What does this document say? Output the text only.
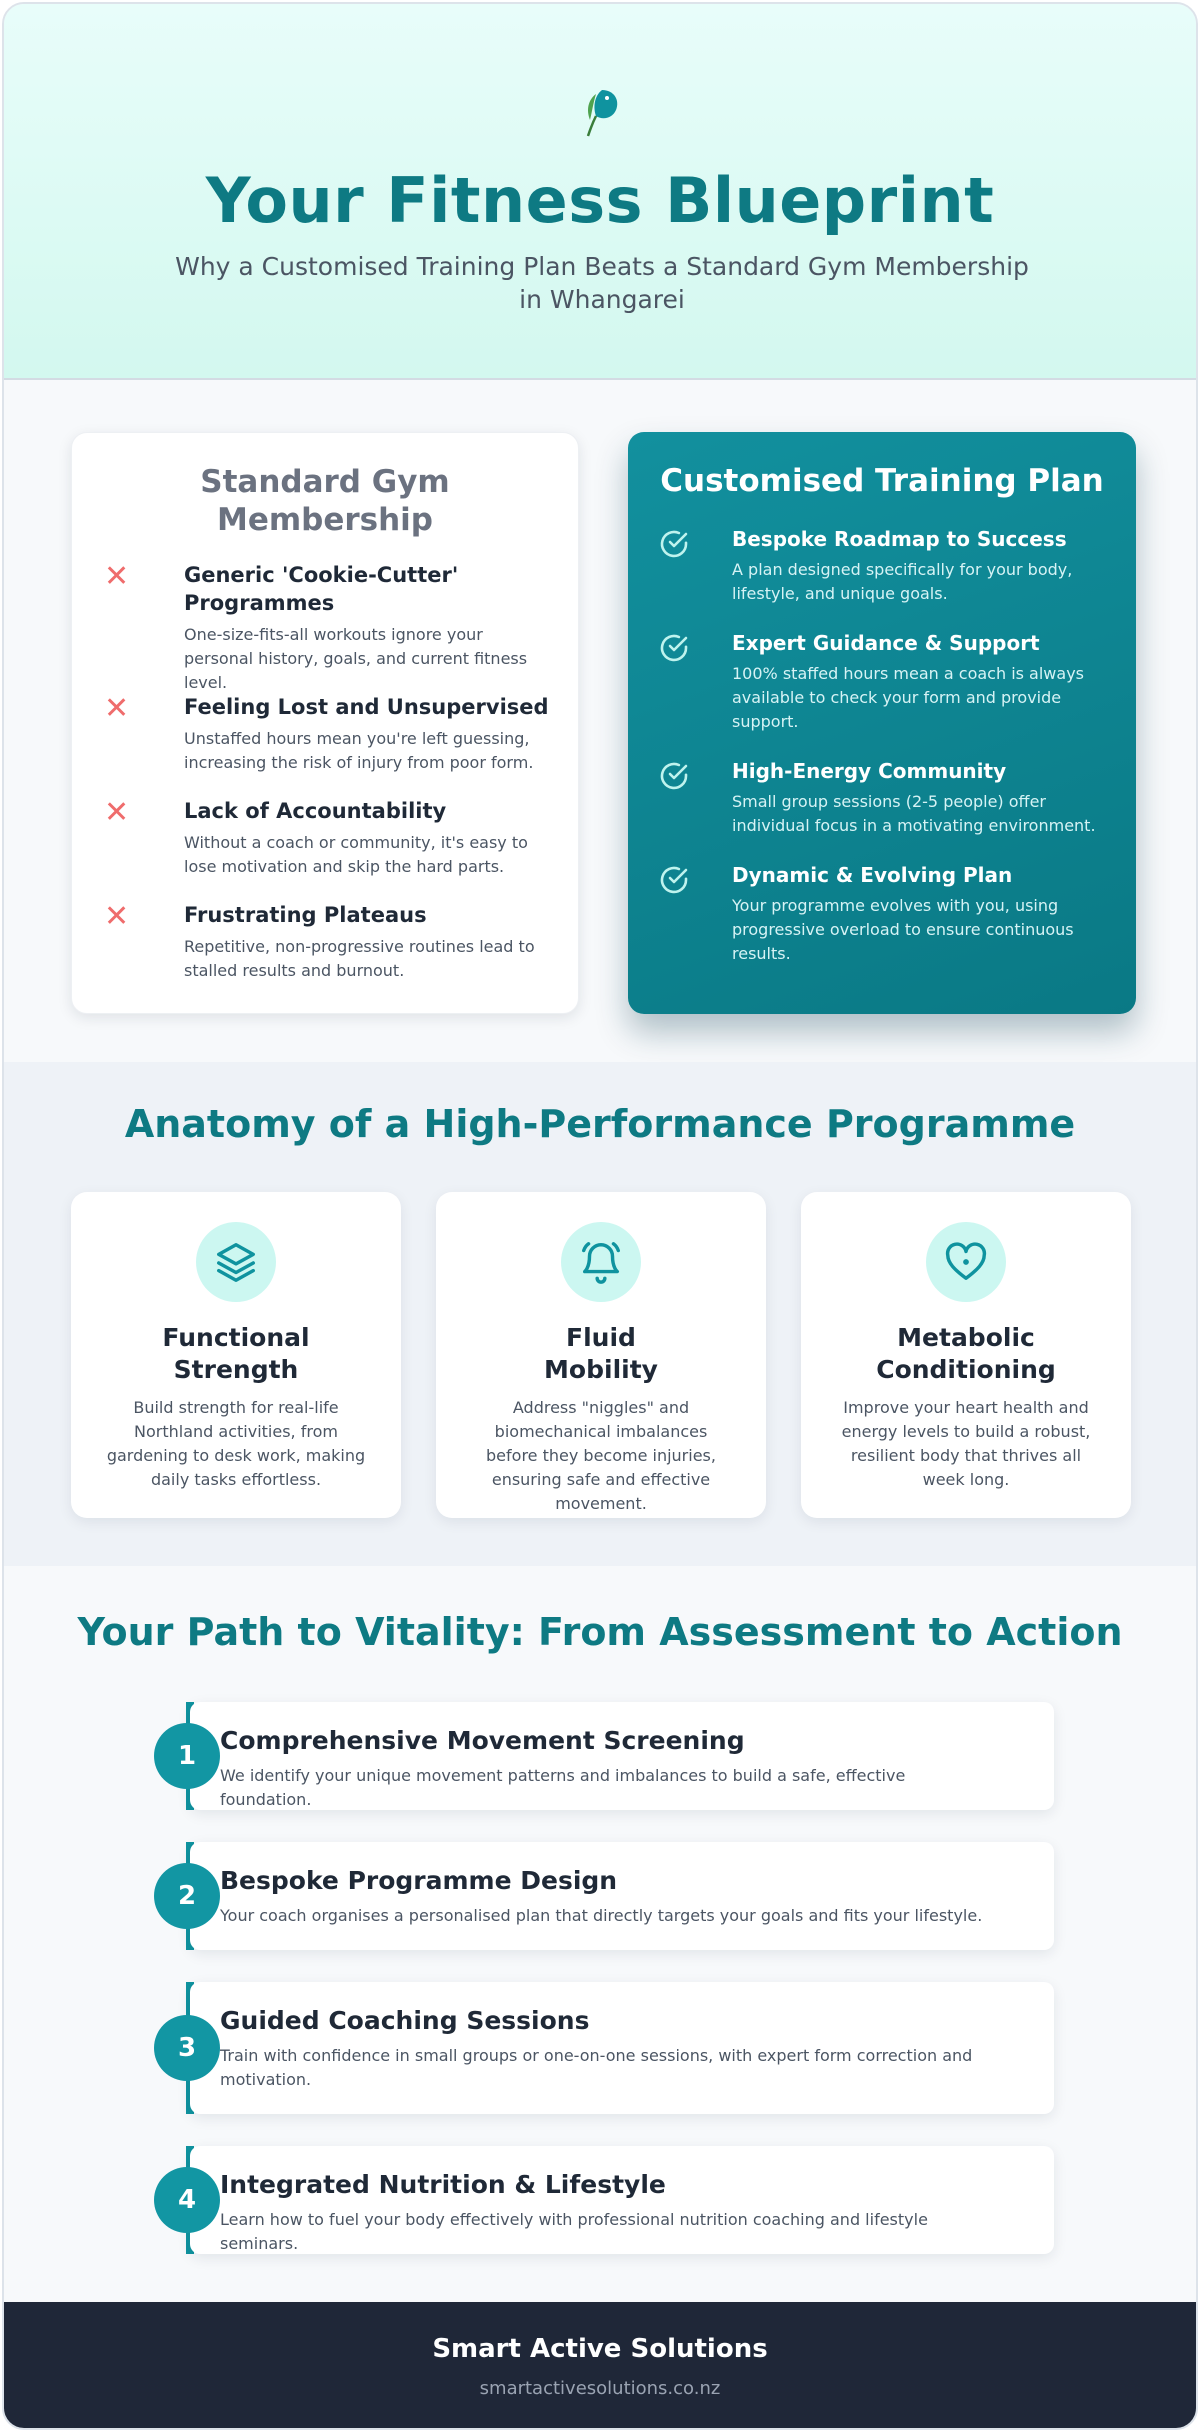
Your Fitness Blueprint
Why a Customised Training Plan Beats a Standard Gym Membership in Whangarei
Standard Gym Membership
✕	Generic 'Cookie-Cutter' Programmes

One-size-fits-all workouts ignore your personal history, goals, and current fitness level.

✕	Feeling Lost and Unsupervised

Unstaffed hours mean you're left guessing, increasing the risk of injury from poor form.

✕	Lack of Accountability

Without a coach or community, it's easy to lose motivation and skip the hard parts.

✕	Frustrating Plateaus

Repetitive, non-progressive routines lead to stalled results and burnout.

Customised Training Plan
Bespoke Roadmap to Success

A plan designed specifically for your body, lifestyle, and unique goals.

Expert Guidance & Support

100% staffed hours mean a coach is always available to check your form and provide support.

High-Energy Community

Small group sessions (2-5 people) offer individual focus in a motivating environment.

Dynamic & Evolving Plan

Your programme evolves with you, using progressive overload to ensure continuous results.

Anatomy of a High-Performance Programme
Functional Strength

Build strength for real-life Northland activities, from gardening to desk work, making daily tasks effortless.

Fluid Mobility

Address "niggles" and biomechanical imbalances before they become injuries, ensuring safe and effective movement.

Metabolic Conditioning

Improve your heart health and energy levels to build a robust, resilient body that thrives all week long.

Your Path to Vitality: From Assessment to Action
1
Comprehensive Movement Screening

We identify your unique movement patterns and imbalances to build a safe, effective foundation.

2
Bespoke Programme Design

Your coach organises a personalised plan that directly targets your goals and fits your lifestyle.

3
Guided Coaching Sessions

Train with confidence in small groups or one-on-one sessions, with expert form correction and motivation.

4
Integrated Nutrition & Lifestyle

Learn how to fuel your body effectively with professional nutrition coaching and lifestyle seminars.

Smart Active Solutions
smartactivesolutions.co.nz
